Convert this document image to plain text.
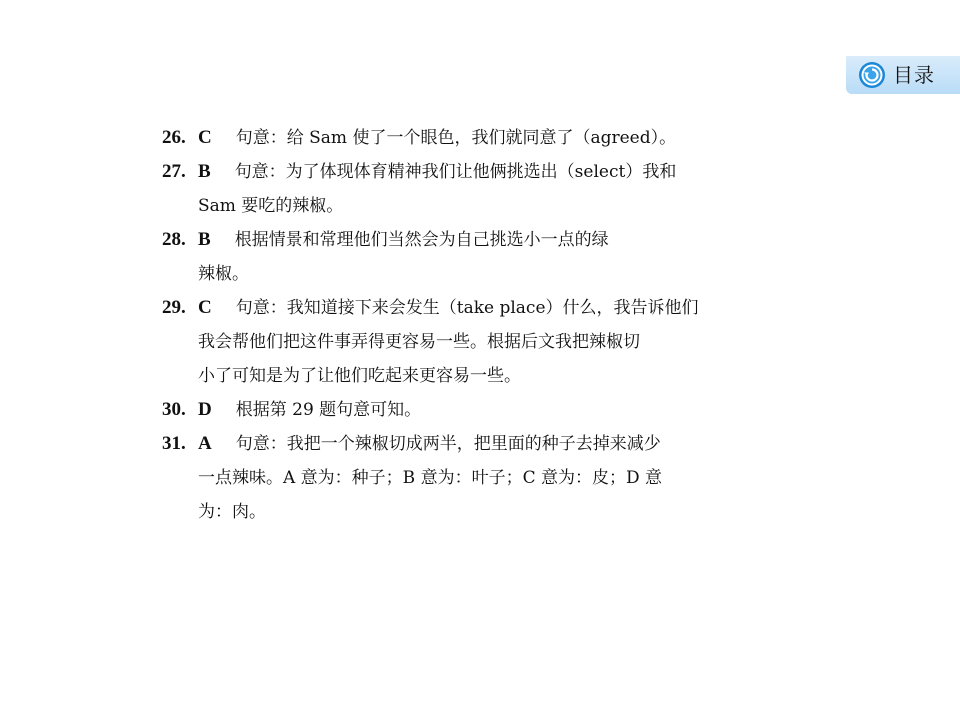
目录
26. C 句意：给 Sam 使了一个眼色，我们就同意了（agreed）。
27. B 句意：为了体现体育精神我们让他俩挑选出（select）我和
Sam 要吃的辣椒。
28. B 根据情景和常理他们当然会为自己挑选小一点的绿
辣椒。
29. C 句意：我知道接下来会发生（take place）什么，我告诉他们
我会帮他们把这件事弄得更容易一些。根据后文我把辣椒切
小了可知是为了让他们吃起来更容易一些。
30. D 根据第 29 题句意可知。
31. A 句意：我把一个辣椒切成两半，把里面的种子去掉来减少
一点辣味。A 意为：种子；B 意为：叶子；C 意为：皮；D 意
为：肉。
